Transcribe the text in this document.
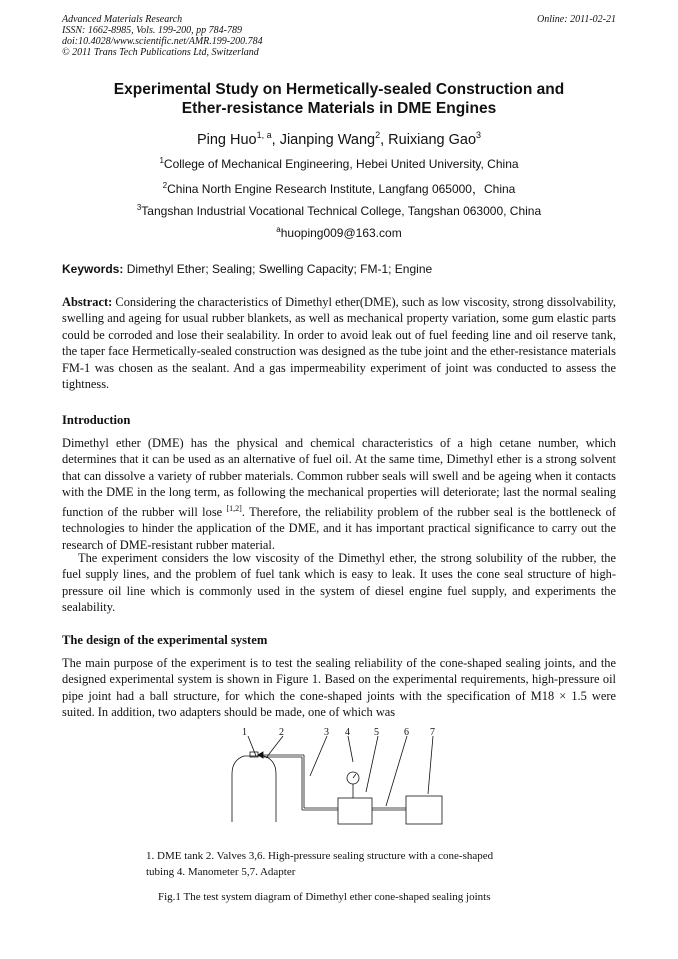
Advanced Materials Research
ISSN: 1662-8985, Vols. 199-200, pp 784-789
doi:10.4028/www.scientific.net/AMR.199-200.784
© 2011 Trans Tech Publications Ltd, Switzerland
Online: 2011-02-21
Experimental Study on Hermetically-sealed Construction and
Ether-resistance Materials in DME Engines
Ping Huo$^{1, a}$, Jianping Wang$^2$, Ruixiang Gao$^3$
$^1$College of Mechanical Engineering, Hebei United University, China
$^2$China North Engine Research Institute, Langfang 065000，China
$^3$Tangshan Industrial Vocational Technical College, Tangshan 063000, China
$^a$huoping009@163.com
Keywords: Dimethyl Ether; Sealing; Swelling Capacity; FM-1; Engine

Abstract: Considering the characteristics of Dimethyl ether(DME), such as low viscosity, strong dissolvability, swelling and ageing for usual rubber blankets, as well as mechanical property variation, some gum elastic parts could be corroded and lose their sealability. In order to avoid leak out of fuel feeding line and oil reserve tank, the taper face Hermetically-sealed construction was designed as the tube joint and the ether-resistance materials FM-1 was chosen as the sealant. And a gas impermeability experiment of joint was conducted to assess the tightness.

Introduction

Dimethyl ether (DME) has the physical and chemical characteristics of a high cetane number, which determines that it can be used as an alternative of fuel oil. At the same time, Dimethyl ether is a strong solvent that can dissolve a variety of rubber materials. Common rubber seals will swell and be ageing when it contacts with the DME in the long term, as following the mechanical properties will deteriorate; last the normal sealing function of the rubber will lose [1,2]. Therefore, the reliability problem of the rubber seal is the bottleneck of technologies to hinder the application of the DME, and it has important practical significance to carry out the research of DME-resistant rubber material.

The experiment considers the low viscosity of the Dimethyl ether, the strong solubility of the rubber, the fuel supply lines, and the problem of fuel tank which is easy to leak. It uses the cone seal structure of high-pressure oil line which is commonly used in the system of diesel engine fuel supply, and experiments the sealability.

The design of the experimental system

The main purpose of the experiment is to test the sealing reliability of the cone-shaped sealing joints, and the designed experimental system is shown in Figure 1. Based on the experimental requirements, high-pressure oil pipe joint had a ball structure, for which the cone-shaped joints with the specification of M18 × 1.5 were suited. In addition, two adapters should be made, one of which was

1	2	3 4 5	6 7
1. DME tank 2. Valves 3,6. High-pressure sealing structure with a cone-shaped
tubing 4. Manometer 5,7. Adapter
Fig.1 The test system diagram of Dimethyl ether cone-shaped sealing joints
